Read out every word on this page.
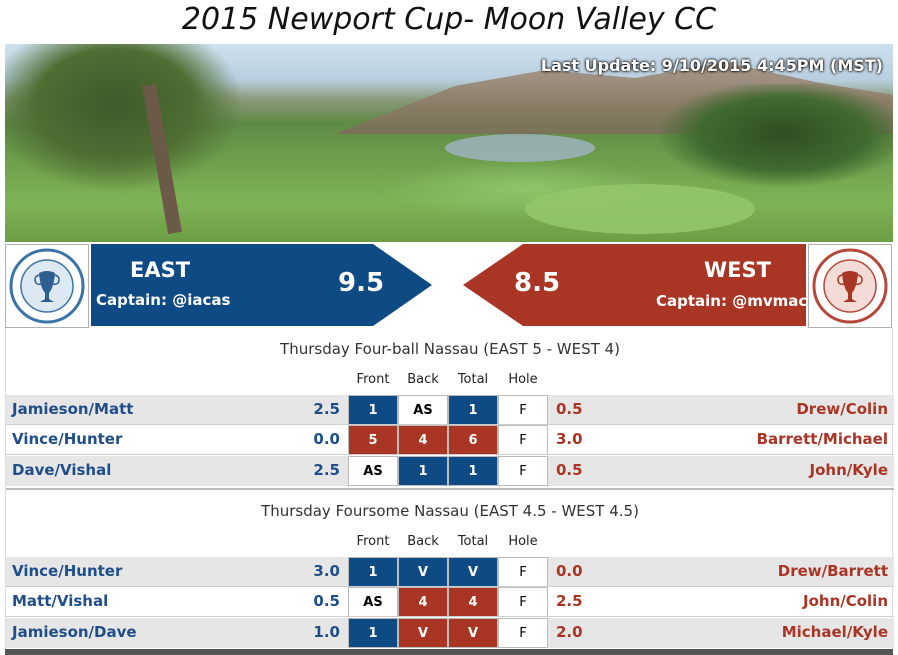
2015 Newport Cup- Moon Valley CC
Last Update: 9/10/2015 4:45PM (MST)
EAST
Captain: @iacas
9.5	8.5	WEST
Captain: @mvmac
Thursday Four-ball Nassau (EAST 5 - WEST 4)
Front	Back	Total	Hole
Jamieson/Matt	2.5	1	AS	1	F	0.5	Drew/Colin
Vince/Hunter	0.0	5	4	6	F	3.0	Barrett/Michael
Dave/Vishal	2.5	AS	1	1	F	0.5	John/Kyle
Thursday Foursome Nassau (EAST 4.5 - WEST 4.5)
Front	Back	Total	Hole
Vince/Hunter	3.0	1	V	V	F	0.0	Drew/Barrett
Matt/Vishal	0.5	AS	4	4	F	2.5	John/Colin
Jamieson/Dave	1.0	1	V	V	F	2.0	Michael/Kyle
